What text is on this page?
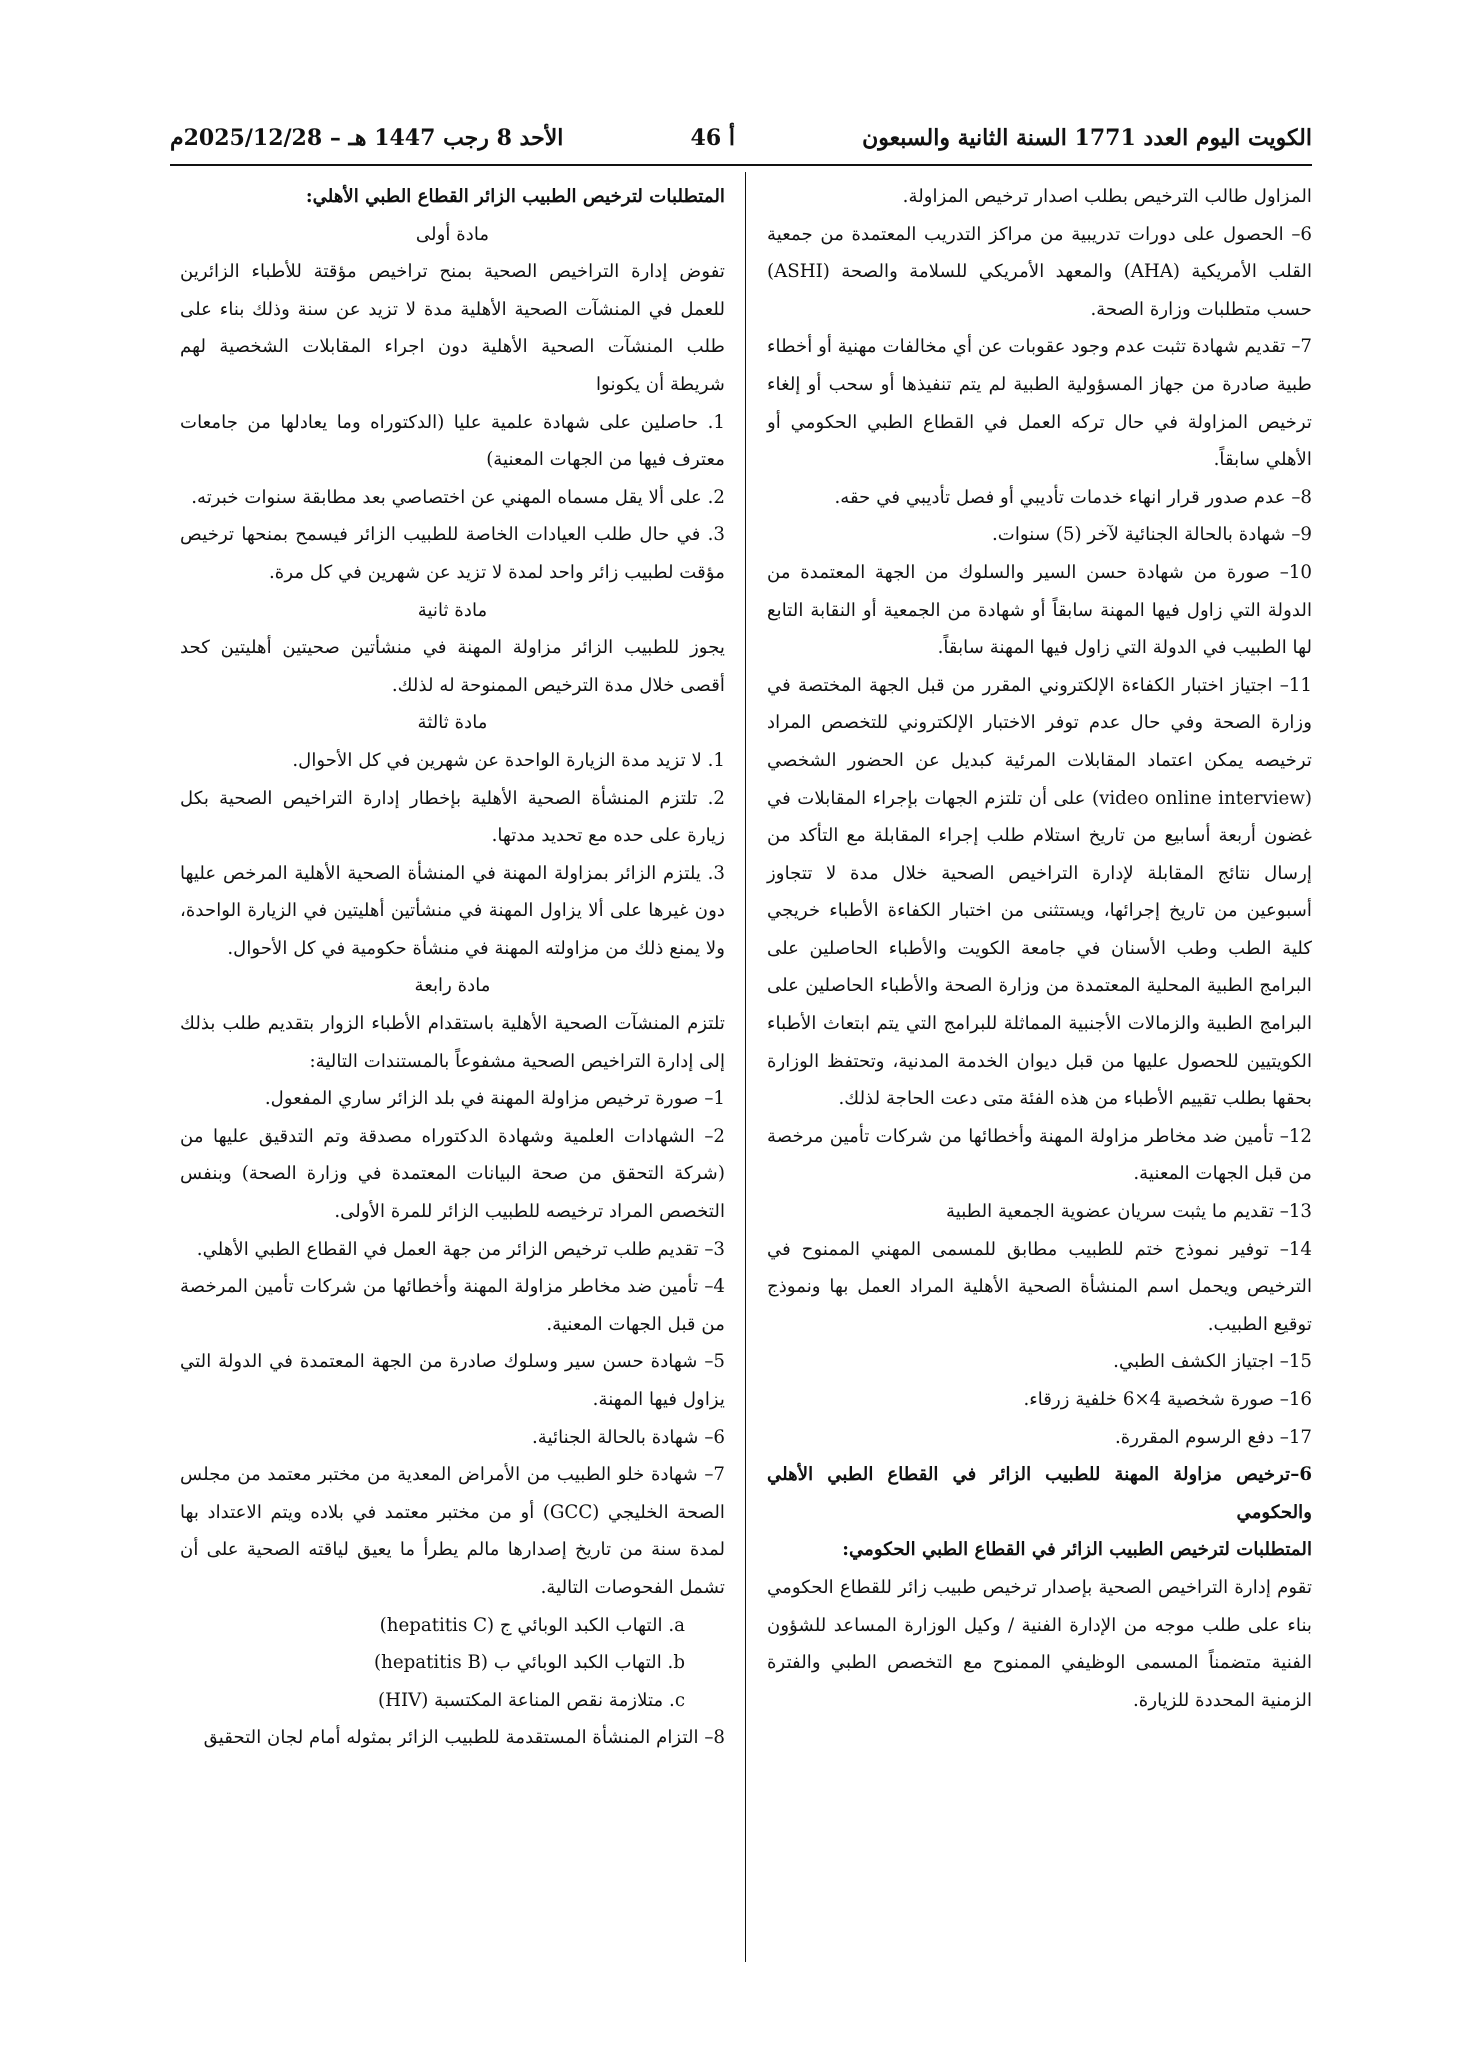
الكويت اليوم العدد 1771 السنة الثانية والسبعون
أ 46
الأحد 8 رجب 1447 هـ – 2025/12/28م

المزاول طالب الترخيص بطلب اصدار ترخيص المزاولة.

6– الحصول على دورات تدريبية من مراكز التدريب المعتمدة من جمعية القلب الأمريكية (AHA) والمعهد الأمريكي للسلامة والصحة (ASHI) حسب متطلبات وزارة الصحة.

7– تقديم شهادة تثبت عدم وجود عقوبات عن أي مخالفات مهنية أو أخطاء طبية صادرة من جهاز المسؤولية الطبية لم يتم تنفيذها أو سحب أو إلغاء ترخيص المزاولة في حال تركه العمل في القطاع الطبي الحكومي أو الأهلي سابقاً.

8– عدم صدور قرار انهاء خدمات تأديبي أو فصل تأديبي في حقه.

9– شهادة بالحالة الجنائية لآخر (5) سنوات.

10– صورة من شهادة حسن السير والسلوك من الجهة المعتمدة من الدولة التي زاول فيها المهنة سابقاً أو شهادة من الجمعية أو النقابة التابع لها الطبيب في الدولة التي زاول فيها المهنة سابقاً.

11– اجتياز اختبار الكفاءة الإلكتروني المقرر من قبل الجهة المختصة في وزارة الصحة وفي حال عدم توفر الاختبار الإلكتروني للتخصص المراد ترخيصه يمكن اعتماد المقابلات المرئية كبديل عن الحضور الشخصي (video online interview) على أن تلتزم الجهات بإجراء المقابلات في غضون أربعة أسابيع من تاريخ استلام طلب إجراء المقابلة مع التأكد من إرسال نتائج المقابلة لإدارة التراخيص الصحية خلال مدة لا تتجاوز أسبوعين من تاريخ إجرائها، ويستثنى من اختبار الكفاءة الأطباء خريجي كلية الطب وطب الأسنان في جامعة الكويت والأطباء الحاصلين على البرامج الطبية المحلية المعتمدة من وزارة الصحة والأطباء الحاصلين على البرامج الطبية والزمالات الأجنبية المماثلة للبرامج التي يتم ابتعاث الأطباء الكويتيين للحصول عليها من قبل ديوان الخدمة المدنية، وتحتفظ الوزارة بحقها بطلب تقييم الأطباء من هذه الفئة متى دعت الحاجة لذلك.

12– تأمين ضد مخاطر مزاولة المهنة وأخطائها من شركات تأمين مرخصة من قبل الجهات المعنية.

13– تقديم ما يثبت سريان عضوية الجمعية الطبية

14– توفير نموذج ختم للطبيب مطابق للمسمى المهني الممنوح في الترخيص ويحمل اسم المنشأة الصحية الأهلية المراد العمل بها ونموذج توقيع الطبيب.

15– اجتياز الكشف الطبي.

16– صورة شخصية 4×6 خلفية زرقاء.

17– دفع الرسوم المقررة.

6–ترخيص مزاولة المهنة للطبيب الزائر في القطاع الطبي الأهلي والحكومي

المتطلبات لترخيص الطبيب الزائر في القطاع الطبي الحكومي:

تقوم إدارة التراخيص الصحية بإصدار ترخيص طبيب زائر للقطاع الحكومي بناء على طلب موجه من الإدارة الفنية / وكيل الوزارة المساعد للشؤون الفنية متضمناً المسمى الوظيفي الممنوح مع التخصص الطبي والفترة الزمنية المحددة للزيارة.

المتطلبات لترخيص الطبيب الزائر القطاع الطبي الأهلي:

مادة أولى

تفوض إدارة التراخيص الصحية بمنح تراخيص مؤقتة للأطباء الزائرين للعمل في المنشآت الصحية الأهلية مدة لا تزيد عن سنة وذلك بناء على طلب المنشآت الصحية الأهلية دون اجراء المقابلات الشخصية لهم شريطة أن يكونوا

1. حاصلين على شهادة علمية عليا (الدكتوراه وما يعادلها من جامعات معترف فيها من الجهات المعنية)

2. على ألا يقل مسماه المهني عن اختصاصي بعد مطابقة سنوات خبرته.

3. في حال طلب العيادات الخاصة للطبيب الزائر فيسمح بمنحها ترخيص مؤقت لطبيب زائر واحد لمدة لا تزيد عن شهرين في كل مرة.

مادة ثانية

يجوز للطبيب الزائر مزاولة المهنة في منشأتين صحيتين أهليتين كحد أقصى خلال مدة الترخيص الممنوحة له لذلك.

مادة ثالثة

1. لا تزيد مدة الزيارة الواحدة عن شهرين في كل الأحوال.

2. تلتزم المنشأة الصحية الأهلية بإخطار إدارة التراخيص الصحية بكل زيارة على حده مع تحديد مدتها.

3. يلتزم الزائر بمزاولة المهنة في المنشأة الصحية الأهلية المرخص عليها دون غيرها على ألا يزاول المهنة في منشأتين أهليتين في الزيارة الواحدة، ولا يمنع ذلك من مزاولته المهنة في منشأة حكومية في كل الأحوال.

مادة رابعة

تلتزم المنشآت الصحية الأهلية باستقدام الأطباء الزوار بتقديم طلب بذلك إلى إدارة التراخيص الصحية مشفوعاً بالمستندات التالية:

1– صورة ترخيص مزاولة المهنة في بلد الزائر ساري المفعول.

2– الشهادات العلمية وشهادة الدكتوراه مصدقة وتم التدقيق عليها من (شركة التحقق من صحة البيانات المعتمدة في وزارة الصحة) وبنفس التخصص المراد ترخيصه للطبيب الزائر للمرة الأولى.

3– تقديم طلب ترخيص الزائر من جهة العمل في القطاع الطبي الأهلي.

4– تأمين ضد مخاطر مزاولة المهنة وأخطائها من شركات تأمين المرخصة من قبل الجهات المعنية.

5– شهادة حسن سير وسلوك صادرة من الجهة المعتمدة في الدولة التي يزاول فيها المهنة.

6– شهادة بالحالة الجنائية.

7– شهادة خلو الطبيب من الأمراض المعدية من مختبر معتمد من مجلس الصحة الخليجي (GCC) أو من مختبر معتمد في بلاده ويتم الاعتداد بها لمدة سنة من تاريخ إصدارها مالم يطرأ ما يعيق لياقته الصحية على أن تشمل الفحوصات التالية.

a. التهاب الكبد الوبائي ج (hepatitis C)

b. التهاب الكبد الوبائي ب (hepatitis B)

c. متلازمة نقص المناعة المكتسبة (HIV)

8– التزام المنشأة المستقدمة للطبيب الزائر بمثوله أمام لجان التحقيق
